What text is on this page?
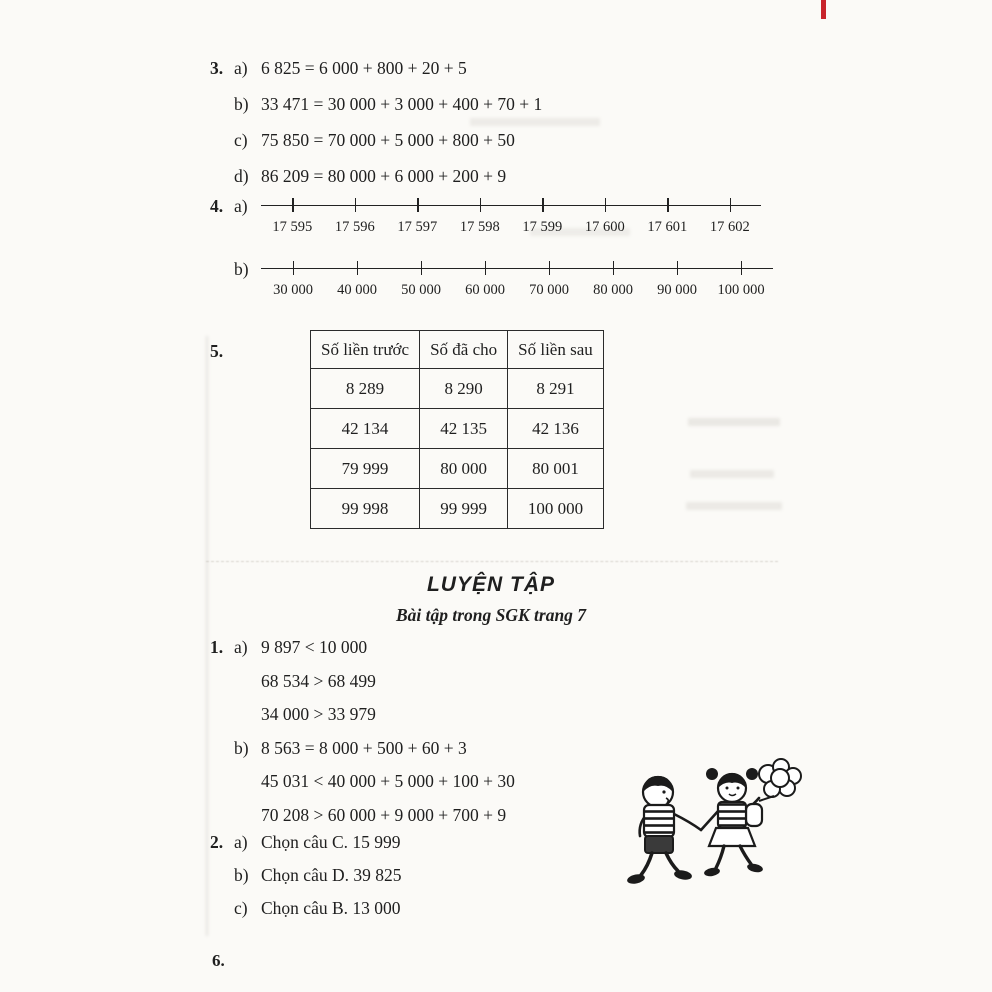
3. a) 6 825 = 6 000 + 800 + 20 + 5
b) 33 471 = 30 000 + 3 000 + 400 + 70 + 1
c) 75 850 = 70 000 + 5 000 + 800 + 50
d) 86 209 = 80 000 + 6 000 + 200 + 9
4. a)
17 595	17 596	17 597	17 598	17 599	17 600	17 601	17 602
b)
30 000	40 000	50 000	60 000	70 000	80 000	90 000	100 000
5.	Số liền trước	Số đã cho	Số liền sau
8 289	8 290	8 291
42 134	42 135	42 136
79 999	80 000	80 001
99 998	99 999	100 000
LUYỆN TẬP
Bài tập trong SGK trang 7
1. a) 9 897 < 10 000
68 534 > 68 499
34 000 > 33 979
b) 8 563 = 8 000 + 500 + 60 + 3
45 031 < 40 000 + 5 000 + 100 + 30
70 208 > 60 000 + 9 000 + 700 + 9
2. a) Chọn câu C. 15 999
b) Chọn câu D. 39 825
c) Chọn câu B. 13 000
6.
